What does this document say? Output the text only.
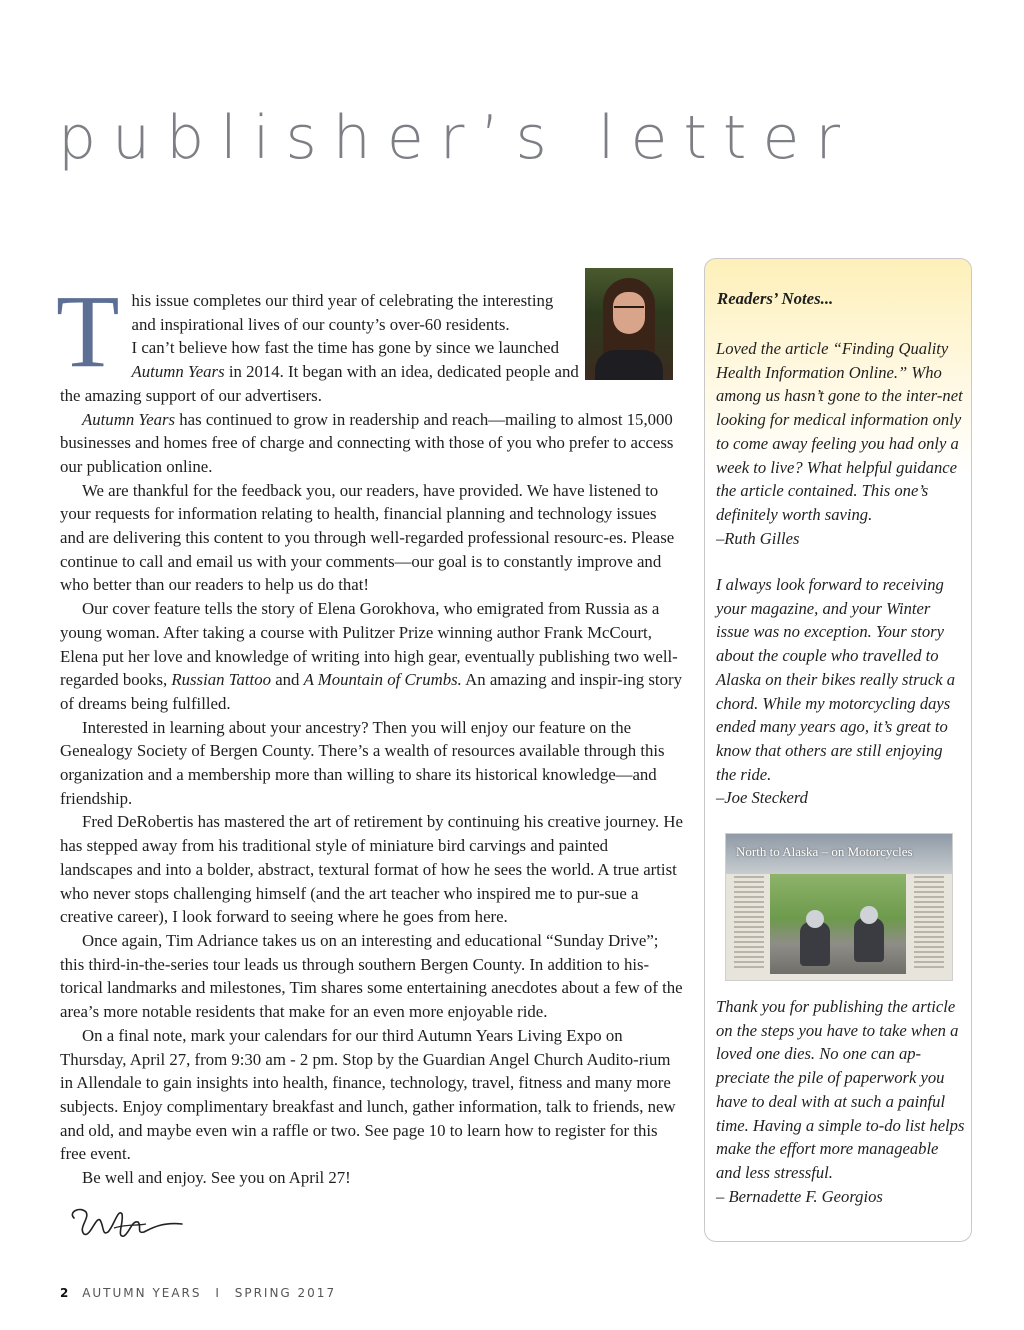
publisher’s letter

T his issue completes our third year of celebrating the interesting
and inspirational lives of our county’s over-60 residents.
I can’t believe how fast the time has gone by since we launched Autumn Years in 2014. It began with an idea, dedicated people and the amazing support of our advertisers.

Autumn Years has continued to grow in readership and reach—mailing to almost 15,000 businesses and homes free of charge and connecting with those of you who prefer to access our publication online.

We are thankful for the feedback you, our readers, have provided. We have listened to your requests for information relating to health, financial planning and technology issues and are delivering this content to you through well-regarded professional resourc-es. Please continue to call and email us with your comments—our goal is to constantly improve and who better than our readers to help us do that!

Our cover feature tells the story of Elena Gorokhova, who emigrated from Russia as a young woman. After taking a course with Pulitzer Prize winning author Frank McCourt, Elena put her love and knowledge of writing into high gear, eventually publishing two well-regarded books, Russian Tattoo and A Mountain of Crumbs. An amazing and inspir-ing story of dreams being fulfilled.

Interested in learning about your ancestry? Then you will enjoy our feature on the Genealogy Society of Bergen County. There’s a wealth of resources available through this organization and a membership more than willing to share its historical knowledge—and friendship.

Fred DeRobertis has mastered the art of retirement by continuing his creative journey. He has stepped away from his traditional style of miniature bird carvings and painted landscapes and into a bolder, abstract, textural format of how he sees the world. A true artist who never stops challenging himself (and the art teacher who inspired me to pur-sue a creative career), I look forward to seeing where he goes from here.

Once again, Tim Adriance takes us on an interesting and educational “Sunday Drive”; this third-in-the-series tour leads us through southern Bergen County. In addition to his-torical landmarks and milestones, Tim shares some entertaining anecdotes about a few of the area’s more notable residents that make for an even more enjoyable ride.

On a final note, mark your calendars for our third Autumn Years Living Expo on Thursday, April 27, from 9:30 am - 2 pm. Stop by the Guardian Angel Church Audito-rium in Allendale to gain insights into health, finance, technology, travel, fitness and many more subjects. Enjoy complimentary breakfast and lunch, gather information, talk to friends, new and old, and maybe even win a raffle or two. See page 10 to learn how to register for this free event.

Be well and enjoy. See you on April 27!

2 AUTUMN YEARS I SPRING 2017
Readers’ Notes...

Loved the article “Finding Quality Health Information Online.” Who among us hasn’t gone to the inter-net looking for medical information only to come away feeling you had only a week to live? What helpful guidance the article contained. This one’s definitely worth saving.

–Ruth Gilles

I always look forward to receiving your magazine, and your Winter issue was no exception. Your story about the couple who travelled to Alaska on their bikes really struck a chord. While my motorcycling days ended many years ago, it’s great to know that others are still enjoying the ride.

–Joe Steckerd

North to Alaska – on Motorcycles

Thank you for publishing the article on the steps you have to take when a loved one dies. No one can ap-preciate the pile of paperwork you have to deal with at such a painful time. Having a simple to-do list helps make the effort more manageable and less stressful.

– Bernadette F. Georgios
